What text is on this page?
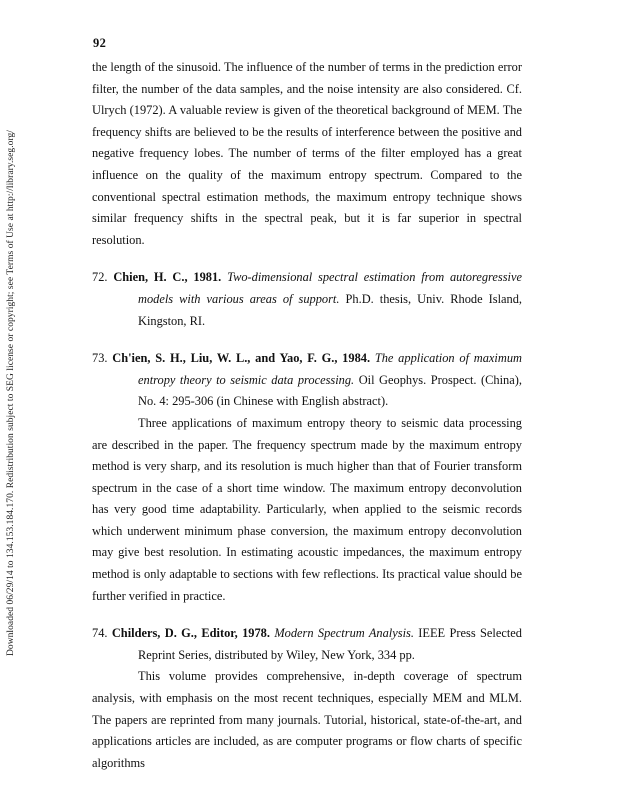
Downloaded 06/29/14 to 134.153.184.170. Redistribution subject to SEG license or copyright; see Terms of Use at http://library.seg.org/
92

the length of the sinusoid. The influence of the number of terms in the prediction error filter, the number of the data samples, and the noise intensity are also considered. Cf. Ulrych (1972). A valuable review is given of the theoretical background of MEM. The frequency shifts are believed to be the results of interference between the positive and negative frequency lobes. The number of terms of the filter employed has a great influence on the quality of the maximum entropy spectrum. Compared to the conventional spectral estimation methods, the maximum entropy technique shows similar frequency shifts in the spectral peak, but it is far superior in spectral resolution.

72. Chien, H. C., 1981. Two-dimensional spectral estimation from autoregressive models with various areas of support. Ph.D. thesis, Univ. Rhode Island, Kingston, RI.

73. Ch'ien, S. H., Liu, W. L., and Yao, F. G., 1984. The application of maximum entropy theory to seismic data processing. Oil Geophys. Prospect. (China), No. 4: 295-306 (in Chinese with English abstract).

Three applications of maximum entropy theory to seismic data processing are described in the paper. The frequency spectrum made by the maximum entropy method is very sharp, and its resolution is much higher than that of Fourier transform spectrum in the case of a short time window. The maximum entropy deconvolution has very good time adaptability. Particularly, when applied to the seismic records which underwent minimum phase conversion, the maximum entropy deconvolution may give best resolution. In estimating acoustic impedances, the maximum entropy method is only adaptable to sections with few reflections. Its practical value should be further verified in practice.

74. Childers, D. G., Editor, 1978. Modern Spectrum Analysis. IEEE Press Selected Reprint Series, distributed by Wiley, New York, 334 pp.

This volume provides comprehensive, in-depth coverage of spectrum analysis, with emphasis on the most recent techniques, especially MEM and MLM. The papers are reprinted from many journals. Tutorial, historical, state-of-the-art, and applications articles are included, as are computer programs or flow charts of specific algorithms
